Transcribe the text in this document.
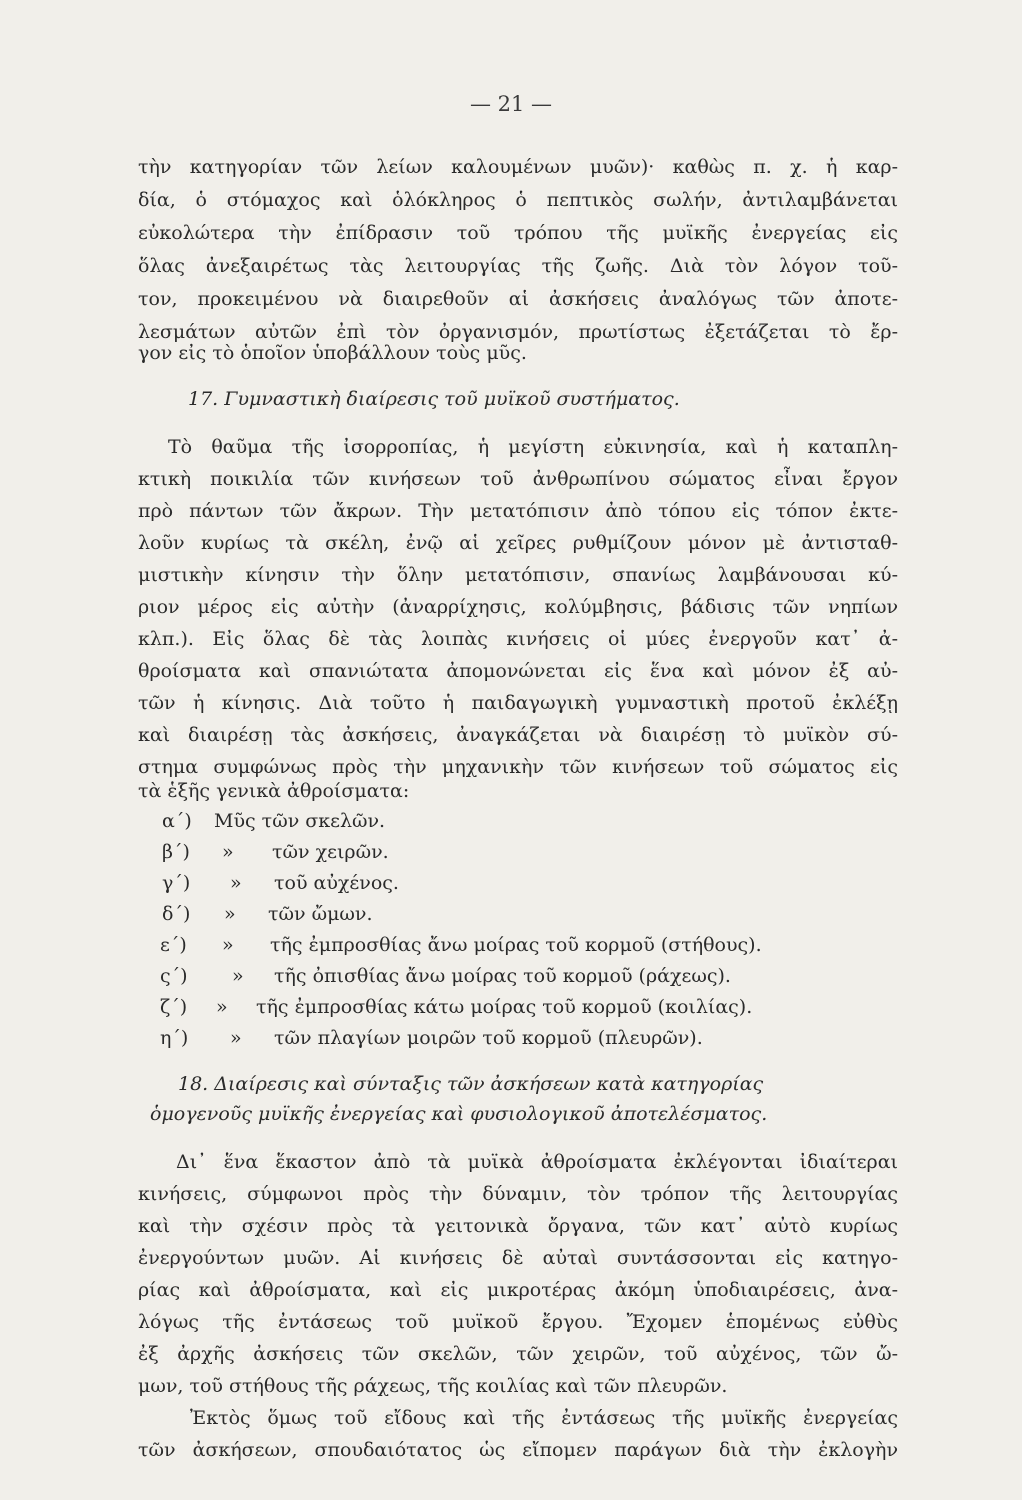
— 21 —
τὴν κατηγορίαν τῶν λείων καλουμένων μυῶν)· καθὼς π. χ. ἡ καρ-
δία, ὁ στόμαχος καὶ ὁλόκληρος ὁ πεπτικὸς σωλήν, ἀντιλαμβάνεται
εὐκολώτερα τὴν ἐπίδρασιν τοῦ τρόπου τῆς μυϊκῆς ἐνεργείας εἰς
ὅλας ἀνεξαιρέτως τὰς λειτουργίας τῆς ζωῆς. Διὰ τὸν λόγον τοῦ-
τον, προκειμένου νὰ διαιρεθοῦν αἱ ἀσκήσεις ἀναλόγως τῶν ἀποτε-
λεσμάτων αὐτῶν ἐπὶ τὸν ὀργανισμόν, πρωτίστως ἐξετάζεται τὸ ἔρ-
γον εἰς τὸ ὁποῖον ὑποβάλλουν τοὺς μῦς.
17. Γυμναστικὴ διαίρεσις τοῦ μυϊκοῦ συστήματος.
Τὸ θαῦμα τῆς ἰσορροπίας, ἡ μεγίστη εὐκινησία, καὶ ἡ καταπλη-
κτικὴ ποικιλία τῶν κινήσεων τοῦ ἀνθρωπίνου σώματος εἶναι ἔργον
πρὸ πάντων τῶν ἄκρων. Τὴν μετατόπισιν ἀπὸ τόπου εἰς τόπον ἐκτε-
λοῦν κυρίως τὰ σκέλη, ἐνῷ αἱ χεῖρες ρυθμίζουν μόνον μὲ ἀντισταθ-
μιστικὴν κίνησιν τὴν ὅλην μετατόπισιν, σπανίως λαμβάνουσαι κύ-
ριον μέρος εἰς αὐτὴν (ἀναρρίχησις, κολύμβησις, βάδισις τῶν νηπίων
κλπ.). Εἰς ὅλας δὲ τὰς λοιπὰς κινήσεις οἱ μύες ἐνεργοῦν κατ᾿ ἀ-
θροίσματα καὶ σπανιώτατα ἀπομονώνεται εἰς ἕνα καὶ μόνον ἐξ αὐ-
τῶν ἡ κίνησις. Διὰ τοῦτο ἡ παιδαγωγικὴ γυμναστικὴ προτοῦ ἐκλέξῃ
καὶ διαιρέσῃ τὰς ἀσκήσεις, ἀναγκάζεται νὰ διαιρέσῃ τὸ μυϊκὸν σύ-
στημα συμφώνως πρὸς τὴν μηχανικὴν τῶν κινήσεων τοῦ σώματος εἰς
τὰ ἑξῆς γενικὰ ἀθροίσματα:
α΄) Μῦς τῶν σκελῶν.
β΄) » τῶν χειρῶν.
γ΄) » τοῦ αὐχένος.
δ΄) » τῶν ὤμων.
ε΄) » τῆς ἐμπροσθίας ἄνω μοίρας τοῦ κορμοῦ (στήθους).
ς΄) » τῆς ὀπισθίας ἄνω μοίρας τοῦ κορμοῦ (ράχεως).
ζ΄) » τῆς ἐμπροσθίας κάτω μοίρας τοῦ κορμοῦ (κοιλίας).
η΄) » τῶν πλαγίων μοιρῶν τοῦ κορμοῦ (πλευρῶν).
18. Διαίρεσις καὶ σύνταξις τῶν ἀσκήσεων κατὰ κατηγορίας
ὁμογενοῦς μυϊκῆς ἐνεργείας καὶ φυσιολογικοῦ ἀποτελέσματος.
Δι᾿ ἕνα ἕκαστον ἀπὸ τὰ μυϊκὰ ἀθροίσματα ἐκλέγονται ἰδιαίτεραι
κινήσεις, σύμφωνοι πρὸς τὴν δύναμιν, τὸν τρόπον τῆς λειτουργίας
καὶ τὴν σχέσιν πρὸς τὰ γειτονικὰ ὄργανα, τῶν κατ᾿ αὐτὸ κυρίως
ἐνεργούντων μυῶν. Αἱ κινήσεις δὲ αὐταὶ συντάσσονται εἰς κατηγο-
ρίας καὶ ἀθροίσματα, καὶ εἰς μικροτέρας ἀκόμη ὑποδιαιρέσεις, ἀνα-
λόγως τῆς ἐντάσεως τοῦ μυϊκοῦ ἔργου. Ἔχομεν ἑπομένως εὐθὺς
ἐξ ἀρχῆς ἀσκήσεις τῶν σκελῶν, τῶν χειρῶν, τοῦ αὐχένος, τῶν ὤ-
μων, τοῦ στήθους τῆς ράχεως, τῆς κοιλίας καὶ τῶν πλευρῶν.
Ἐκτὸς ὅμως τοῦ εἴδους καὶ τῆς ἐντάσεως τῆς μυϊκῆς ἐνεργείας
τῶν ἀσκήσεων, σπουδαιότατος ὡς εἴπομεν παράγων διὰ τὴν ἐκλογὴν
